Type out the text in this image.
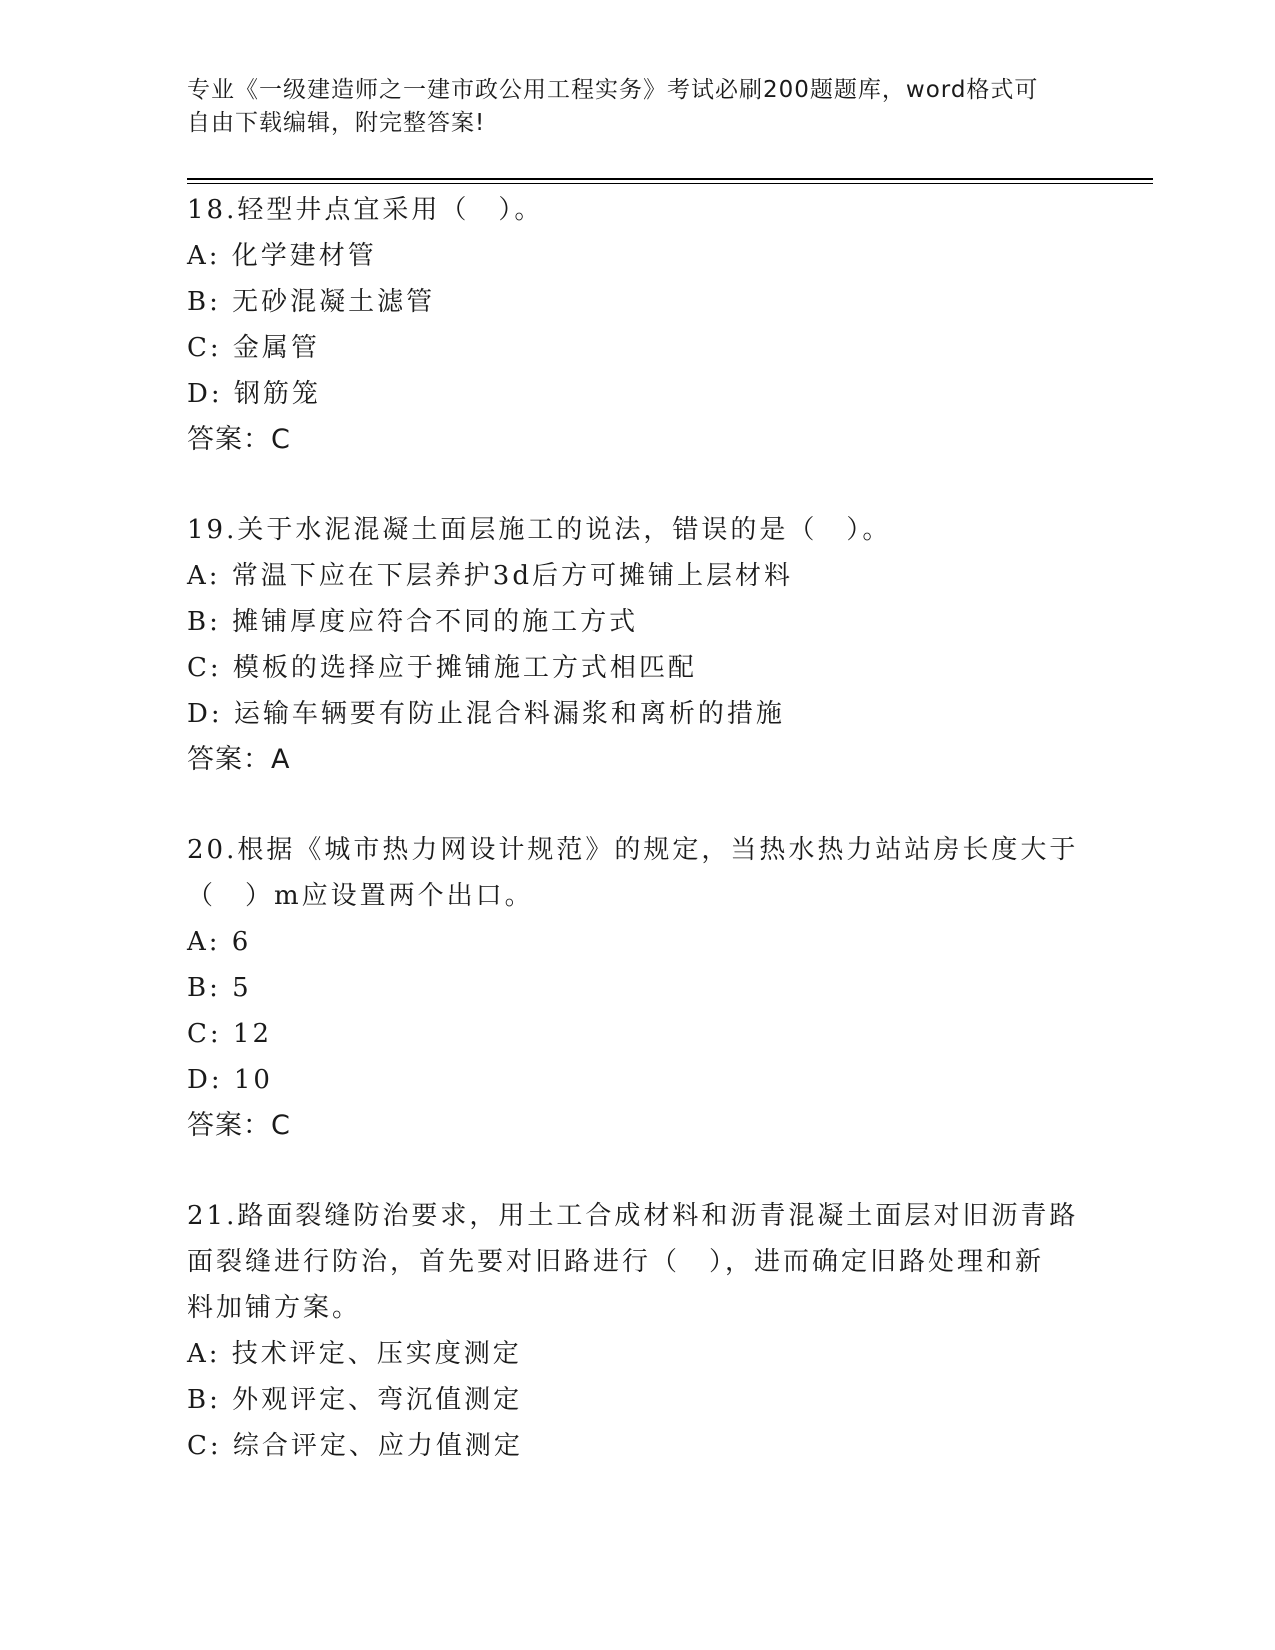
专业《一级建造师之一建市政公用工程实务》考试必刷200题题库，word格式可
自由下载编辑，附完整答案!

18.轻型井点宜采用（　）。

A: 化学建材管

B: 无砂混凝土滤管

C: 金属管

D: 钢筋笼

答案：C

19.关于水泥混凝土面层施工的说法，错误的是（　）。

A: 常温下应在下层养护3d后方可摊铺上层材料

B: 摊铺厚度应符合不同的施工方式

C: 模板的选择应于摊铺施工方式相匹配

D: 运输车辆要有防止混合料漏浆和离析的措施

答案：A

20.根据《城市热力网设计规范》的规定，当热水热力站站房长度大于

（　）m应设置两个出口。

A: 6

B: 5

C: 12

D: 10

答案：C

21.路面裂缝防治要求，用土工合成材料和沥青混凝土面层对旧沥青路

面裂缝进行防治，首先要对旧路进行（　），进而确定旧路处理和新

料加铺方案。

A: 技术评定、压实度测定

B: 外观评定、弯沉值测定

C: 综合评定、应力值测定
